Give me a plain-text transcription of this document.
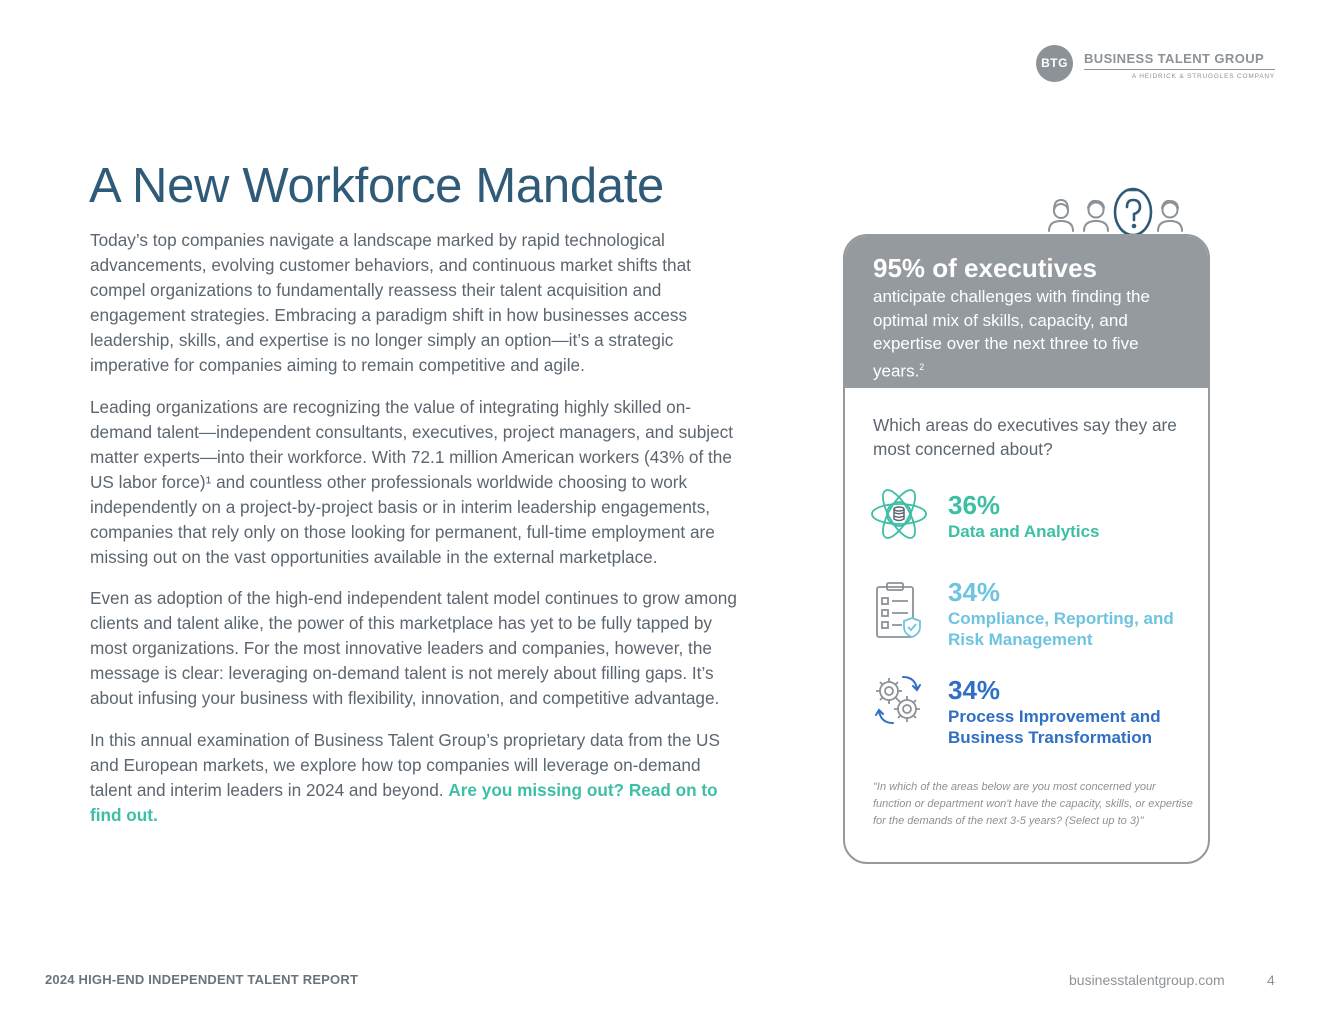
BTG	BUSINESS TALENT GROUP
A HEIDRICK & STRUGGLES COMPANY
A New Workforce Mandate

Today’s top companies navigate a landscape marked by rapid technological advancements, evolving customer behaviors, and continuous market shifts that compel organizations to fundamentally reassess their talent acquisition and engagement strategies. Embracing a paradigm shift in how businesses access leadership, skills, and expertise is no longer simply an option—it’s a strategic imperative for companies aiming to remain competitive and agile.

Leading organizations are recognizing the value of integrating highly skilled on-demand talent—independent consultants, executives, project managers, and subject matter experts—into their workforce. With 72.1 million American workers (43% of the US labor force)¹ and countless other professionals worldwide choosing to work independently on a project-by-project basis or in interim leadership engagements, companies that rely only on those looking for permanent, full-time employment are missing out on the vast opportunities available in the external marketplace.

Even as adoption of the high-end independent talent model continues to grow among clients and talent alike, the power of this marketplace has yet to be fully tapped by most organizations. For the most innovative leaders and companies, however, the message is clear: leveraging on-demand talent is not merely about filling gaps. It’s about infusing your business with flexibility, innovation, and competitive advantage.

In this annual examination of Business Talent Group’s proprietary data from the US and European markets, we explore how top companies will leverage on-demand talent and interim leaders in 2024 and beyond. Are you missing out? Read on to find out.

95% of executives
anticipate challenges with finding the optimal mix of skills, capacity, and expertise over the next three to five years.$^2$
Which areas do executives say they are most concerned about?
36%
Data and Analytics
34%
Compliance, Reporting, and Risk Management
34%
Process Improvement and Business Transformation
"In which of the areas below are you most concerned your function or department won't have the capacity, skills, or expertise for the demands of the next 3-5 years? (Select up to 3)"
2024 HIGH-END INDEPENDENT TALENT REPORT	businesstalentgroup.com	4
